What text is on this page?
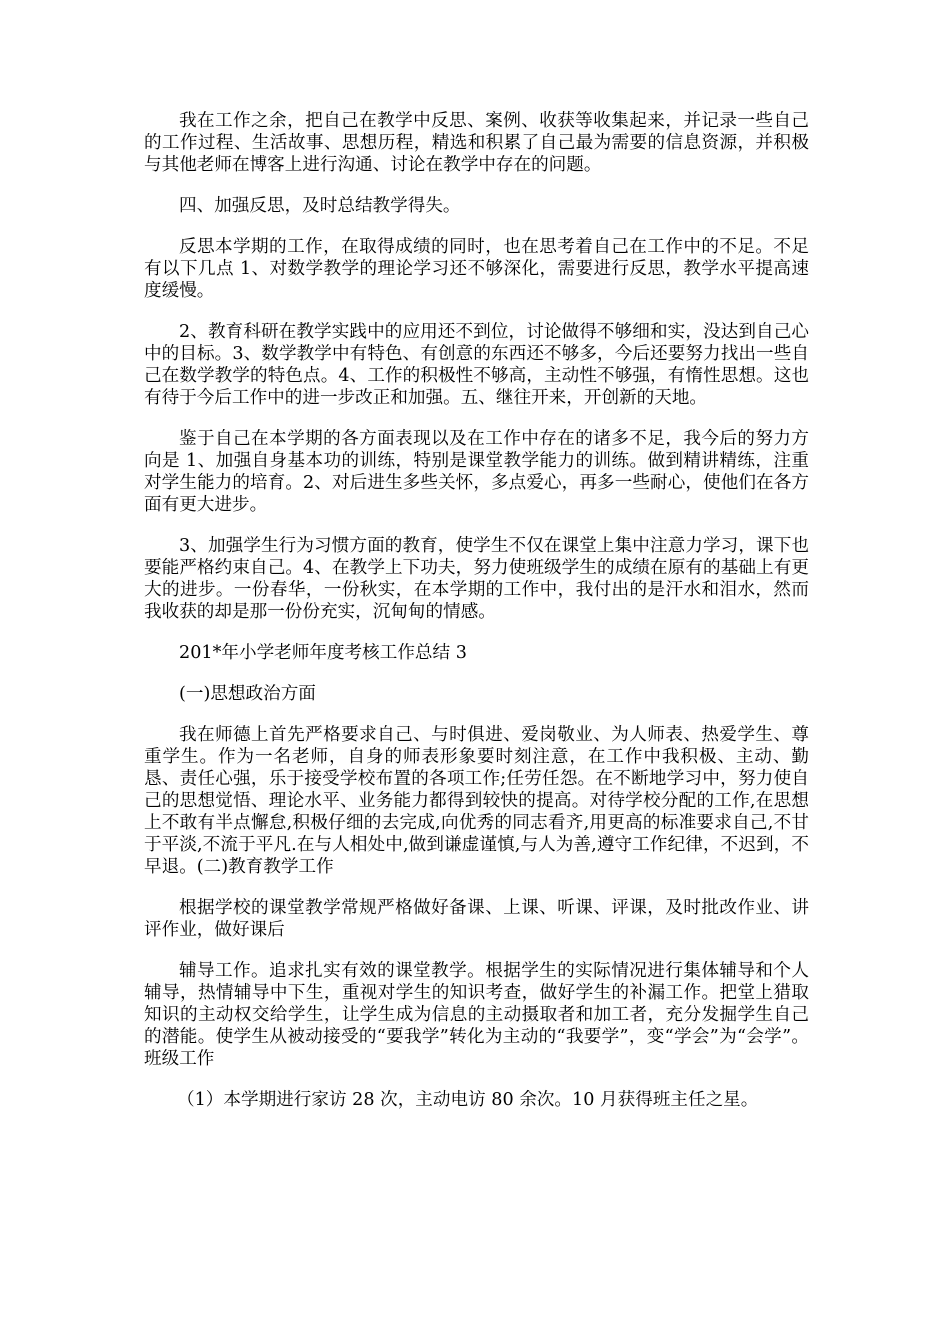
我在工作之余，把自己在教学中反思、案例、收获等收集起来，并记录一些自己的工作过程、生活故事、思想历程，精选和积累了自己最为需要的信息资源，并积极与其他老师在博客上进行沟通、讨论在教学中存在的问题。

四、加强反思，及时总结教学得失。

反思本学期的工作，在取得成绩的同时，也在思考着自己在工作中的不足。不足有以下几点 1、对数学教学的理论学习还不够深化，需要进行反思，教学水平提高速度缓慢。

2、教育科研在教学实践中的应用还不到位，讨论做得不够细和实，没达到自己心中的目标。3、数学教学中有特色、有创意的东西还不够多，今后还要努力找出一些自己在数学教学的特色点。4、工作的积极性不够高，主动性不够强，有惰性思想。这也有待于今后工作中的进一步改正和加强。五、继往开来，开创新的天地。

鉴于自己在本学期的各方面表现以及在工作中存在的诸多不足，我今后的努力方向是 1、加强自身基本功的训练，特别是课堂教学能力的训练。做到精讲精练，注重对学生能力的培育。2、对后进生多些关怀，多点爱心，再多一些耐心，使他们在各方面有更大进步。

3、加强学生行为习惯方面的教育，使学生不仅在课堂上集中注意力学习，课下也要能严格约束自己。4、在教学上下功夫，努力使班级学生的成绩在原有的基础上有更大的进步。一份春华，一份秋实，在本学期的工作中，我付出的是汗水和泪水，然而我收获的却是那一份份充实，沉甸甸的情感。

201*年小学老师年度考核工作总结 3

(一)思想政治方面

我在师德上首先严格要求自己、与时俱进、爱岗敬业、为人师表、热爱学生、尊重学生。作为一名老师，自身的师表形象要时刻注意，在工作中我积极、主动、勤恳、责任心强，乐于接受学校布置的各项工作;任劳任怨。在不断地学习中，努力使自己的思想觉悟、理论水平、业务能力都得到较快的提高。对待学校分配的工作,在思想上不敢有半点懈怠,积极仔细的去完成,向优秀的同志看齐,用更高的标准要求自己,不甘于平淡,不流于平凡.在与人相处中,做到谦虚谨慎,与人为善,遵守工作纪律，不迟到，不早退。(二)教育教学工作

根据学校的课堂教学常规严格做好备课、上课、听课、评课，及时批改作业、讲评作业，做好课后

辅导工作。追求扎实有效的课堂教学。根据学生的实际情况进行集体辅导和个人辅导，热情辅导中下生，重视对学生的知识考查，做好学生的补漏工作。把堂上猎取知识的主动权交给学生，让学生成为信息的主动摄取者和加工者，充分发掘学生自己的潜能。使学生从被动接受的“要我学”转化为主动的“我要学”，变“学会”为“会学”。班级工作

（1）本学期进行家访 28 次，主动电访 80 余次。10 月获得班主任之星。
